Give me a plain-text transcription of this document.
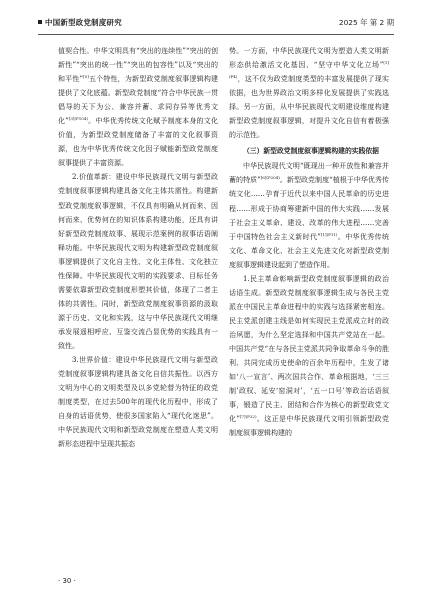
中国新型政党制度研究	2025 年 第 2 期

值契合性。中华文明具有“突出的连续性”“突出的创新性”“突出的统一性”“突出的包容性”以及“突出的和平性”[5]五个特性，为新型政党制度叙事逻辑构建提供了文化底蕴。新型政党制度“符合中华民族一贯倡导的天下为公、兼容并蓄、求同存异等优秀文化”$^{[3](P104)}$。中华优秀传统文化赋予制度本身的文化价值，为新型政党制度储备了丰富的文化叙事资源，也为中华优秀传统文化因子赋能新型政党制度叙事提供了丰富资源。

2.价值革新：建设中华民族现代文明与新型政党制度叙事逻辑构建具备文化主体共需性。构建新型政党制度叙事逻辑，不仅具有明确从何而来、因何而来、优势何在的知识体系构建功能，还具有讲好新型政党制度故事、展现示范案例的叙事话语阐释功能。中华民族现代文明为构建新型政党制度叙事逻辑提供了文化自主性、文化主体性、文化独立性保障。中华民族现代文明的实践要求、目标任务需要依靠新型政党制度形塑其价值，体现了二者主体的共需性。同时，新型政党制度叙事资源的汲取源于历史、文化和实践，这与中华民族现代文明继承发展遥相呼应、互鉴交流凸显优势的实践具有一致性。

3.世界价值：建设中华民族现代文明与新型政党制度叙事逻辑构建具备文化自信共振性。以西方文明为中心的文明类型及以多党轮替为特征的政党制度类型，在过去500年的现代化历程中，形成了自身的话语优势，使很多国家陷入“现代化迷思”。中华民族现代文明和新型政党制度在塑造人类文明新形态进程中呈现共振态

势。一方面，中华民族现代文明为塑造人类文明新形态供给激活文化基因、“坚守中华文化立场”$^{[1](P4)}$，这不仅为政党制度类型的丰富发展提供了现实依据，也为世界政治文明多样化发展提供了实践选择。另一方面，从中华民族现代文明建设维度构建新型政党制度叙事逻辑，对提升文化自信有着极强的示范性。

（三）新型政党制度叙事逻辑构建的实践依据

中华民族现代文明“既现出一种开放性和兼容并蓄的特质”$^{[6](P204)}$。新型政党制度“植根于中华优秀传统文化……孕育于近代以来中国人民革命的历史进程……形成于协商筹建新中国的伟大实践……发展于社会主义革命、建设、改革的伟大进程……完善于中国特色社会主义新时代”$^{[1](P11)}$。中华优秀传统文化、革命文化、社会主义先进文化对新型政党制度叙事逻辑建设起到了塑造作用。

1.民主革命彰响新型政党制度叙事逻辑的政治话语生成。新型政党制度叙事逻辑生成与各民主党派在中国民主革命进程中的实践与选择紧密相连。民主党派创建主线是如何实现民主党派成立时的政治夙愿，为什么坚定选择和中国共产党站在一起。中国共产党“在与各民主党派共同争取革命斗争的胜利、共同完成历史使命的百余年历程中，生发了诸如‘八一宣言’、两次国共合作、革命根据地，‘三三制’政权、延安‘窑洞对’，‘五一口号’等政治话语叙事，锻造了民主、团结和合作为核心的新型政党文化”$^{[7](P32)}$。这正是中华民族现代文明引领新型政党制度叙事逻辑构建的

· 30 ·
